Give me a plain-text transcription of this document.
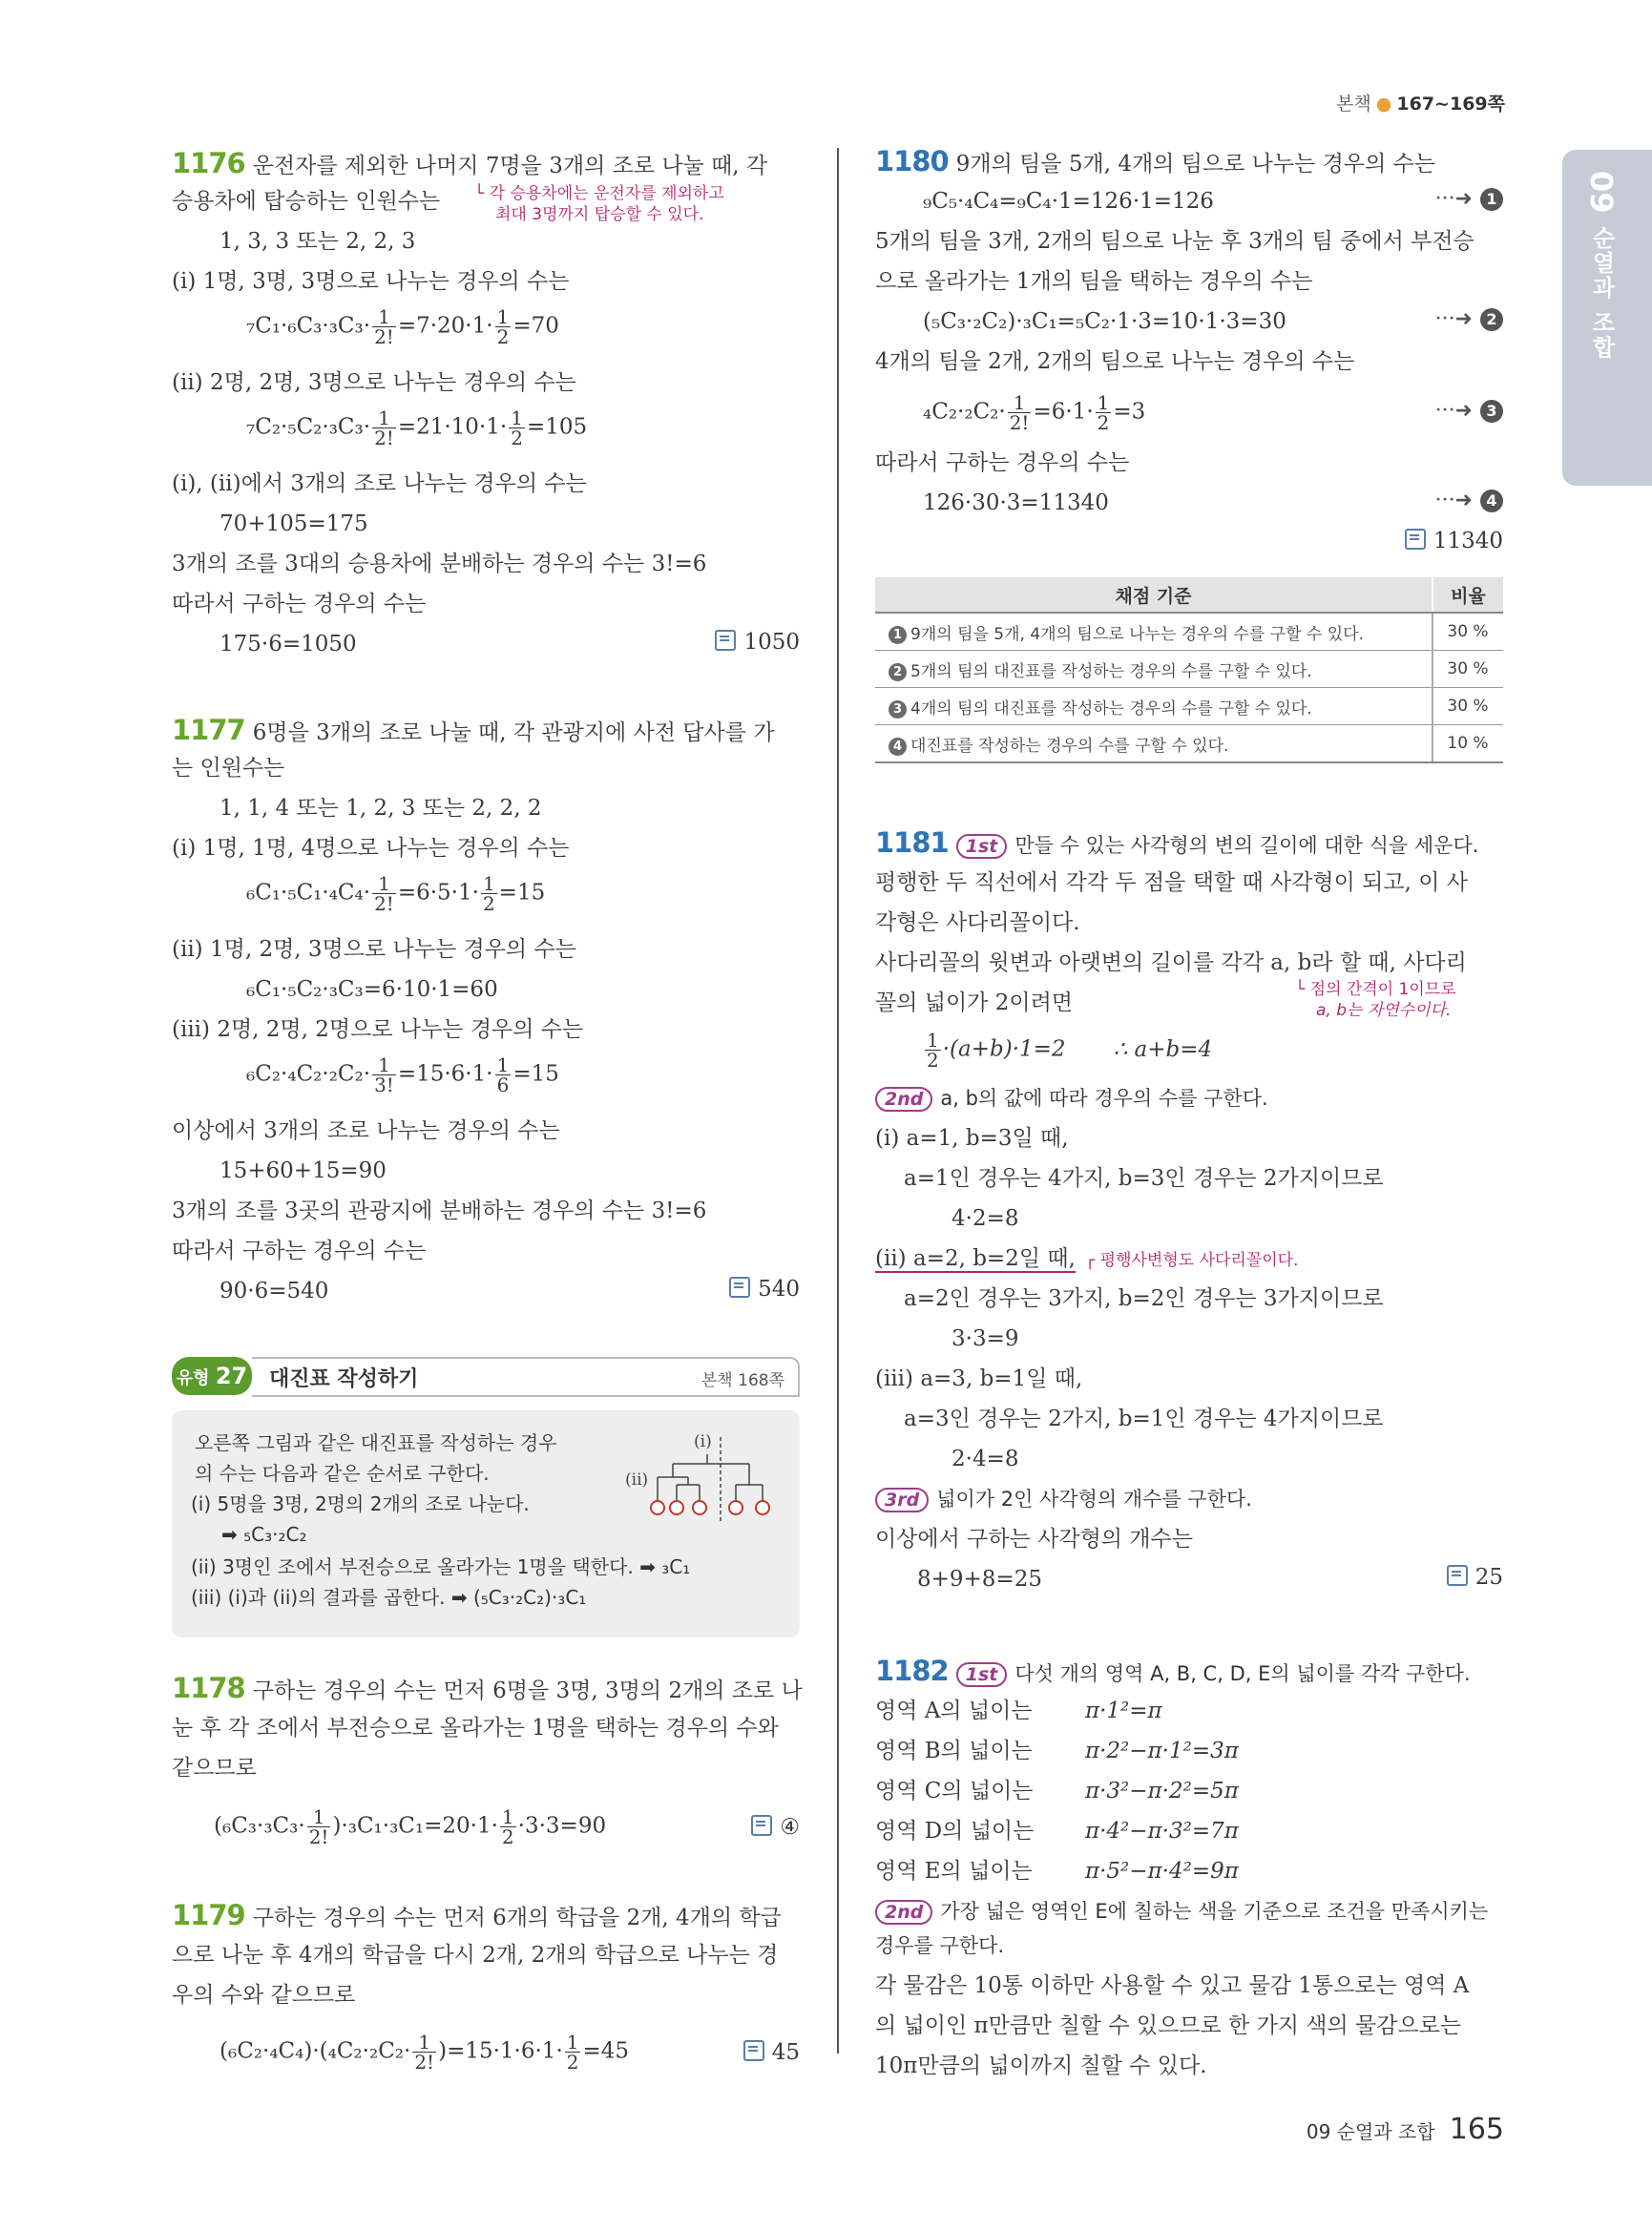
본책 ● 167~169쪽
09
순열과 조합
1176 운전자를 제외한 나머지 7명을 3개의 조로 나눌 때, 각
승용차에 탑승하는 인원수는 └ 각 승용차에는 운전자를 제외하고
최대 3명까지 탑승할 수 있다.
1, 3, 3 또는 2, 2, 3
(i) 1명, 3명, 3명으로 나누는 경우의 수는
$_7C_1\cdot_6C_3\cdot_3C_3\cdot \frac{1}{2!} =7\cdot 20\cdot 1\cdot \frac{1}{2} =70$
(ii) 2명, 2명, 3명으로 나누는 경우의 수는
$_7C_2\cdot_5C_2\cdot_3C_3\cdot \frac{1}{2!} =21\cdot 10\cdot 1\cdot \frac{1}{2} =105$
(i), (ii)에서 3개의 조로 나누는 경우의 수는
70+105=175
3개의 조를 3대의 승용차에 분배하는 경우의 수는 3!=6
따라서 구하는 경우의 수는
175·6=1050	1050
1177 6명을 3개의 조로 나눌 때, 각 관광지에 사전 답사를 가
는 인원수는
1, 1, 4 또는 1, 2, 3 또는 2, 2, 2
(i) 1명, 1명, 4명으로 나누는 경우의 수는
$_6C_1\cdot_5C_1\cdot_4C_4\cdot \frac{1}{2!} =6\cdot 5\cdot 1\cdot \frac{1}{2} =15$
(ii) 1명, 2명, 3명으로 나누는 경우의 수는
₆C₁·₅C₂·₃C₃=6·10·1=60
(iii) 2명, 2명, 2명으로 나누는 경우의 수는
$_6C_2\cdot_4C_2\cdot_2C_2\cdot \frac{1}{3!} =15\cdot 6\cdot 1\cdot \frac{1}{6} =15$
이상에서 3개의 조로 나누는 경우의 수는
15+60+15=90
3개의 조를 3곳의 관광지에 분배하는 경우의 수는 3!=6
따라서 구하는 경우의 수는
90·6=540	540
유형 27 대진표 작성하기	본책 168쪽
오른쪽 그림과 같은 대진표를 작성하는 경우
의 수는 다음과 같은 순서로 구한다.
(i) 5명을 3명, 2명의 2개의 조로 나눈다.
➡ ₅C₃·₂C₂
(ii) 3명인 조에서 부전승으로 올라가는 1명을 택한다. ➡ ₃C₁
(iii) (i)과 (ii)의 결과를 곱한다. ➡ (₅C₃·₂C₂)·₃C₁
(i)
(ii)
1178 구하는 경우의 수는 먼저 6명을 3명, 3명의 2개의 조로 나
눈 후 각 조에서 부전승으로 올라가는 1명을 택하는 경우의 수와
같으므로
$(_6C_3\cdot_3C_3\cdot \frac{1}{2!} )\cdot_3C_1\cdot_3C_1=20\cdot 1\cdot \frac{1}{2} \cdot 3\cdot 3=90$	④
1179 구하는 경우의 수는 먼저 6개의 학급을 2개, 4개의 학급
으로 나눈 후 4개의 학급을 다시 2개, 2개의 학급으로 나누는 경
우의 수와 같으므로
$(_6C_2\cdot_4C_4)\cdot(_4C_2\cdot_2C_2\cdot \frac{1}{2!} )=15\cdot 1\cdot 6\cdot 1\cdot \frac{1}{2} =45$	45
1180 9개의 팀을 5개, 4개의 팀으로 나누는 경우의 수는
₉C₅·₄C₄=₉C₄·1=126·1=126	···➜ 1
5개의 팀을 3개, 2개의 팀으로 나눈 후 3개의 팀 중에서 부전승
으로 올라가는 1개의 팀을 택하는 경우의 수는
(₅C₃·₂C₂)·₃C₁=₅C₂·1·3=10·1·3=30	···➜ 2
4개의 팀을 2개, 2개의 팀으로 나누는 경우의 수는
$_4C_2\cdot_2C_2\cdot \frac{1}{2!} =6\cdot 1\cdot \frac{1}{2} =3$	···➜ 3
따라서 구하는 경우의 수는
126·30·3=11340	···➜ 4
11340
채점 기준	비율
1 9개의 팀을 5개, 4개의 팀으로 나누는 경우의 수를 구할 수 있다.	30 %
2 5개의 팀의 대진표를 작성하는 경우의 수를 구할 수 있다.	30 %
3 4개의 팀의 대진표를 작성하는 경우의 수를 구할 수 있다.	30 %
4 대진표를 작성하는 경우의 수를 구할 수 있다.	10 %
1181 1st 만들 수 있는 사각형의 변의 길이에 대한 식을 세운다.
평행한 두 직선에서 각각 두 점을 택할 때 사각형이 되고, 이 사
각형은 사다리꼴이다.
사다리꼴의 윗변과 아랫변의 길이를 각각 a, b라 할 때, 사다리
꼴의 넓이가 2이려면
└ 점의 간격이 1이므로
a, b는 자연수이다.
$\frac{1}{2} \cdot(a+b)\cdot 1=2$ ∴ a+b=4
2nd a, b의 값에 따라 경우의 수를 구한다.
(i) a=1, b=3일 때,
a=1인 경우는 4가지, b=3인 경우는 2가지이므로
4·2=8
(ii) a=2, b=2일 때, ┌ 평행사변형도 사다리꼴이다.
a=2인 경우는 3가지, b=2인 경우는 3가지이므로
3·3=9
(iii) a=3, b=1일 때,
a=3인 경우는 2가지, b=1인 경우는 4가지이므로
2·4=8
3rd 넓이가 2인 사각형의 개수를 구한다.
이상에서 구하는 사각형의 개수는
8+9+8=25	25
1182 1st 다섯 개의 영역 A, B, C, D, E의 넓이를 각각 구한다.
영역 A의 넓이는 π·1²=π
영역 B의 넓이는 π·2²−π·1²=3π
영역 C의 넓이는 π·3²−π·2²=5π
영역 D의 넓이는 π·4²−π·3²=7π
영역 E의 넓이는 π·5²−π·4²=9π
2nd 가장 넓은 영역인 E에 칠하는 색을 기준으로 조건을 만족시키는
경우를 구한다.
각 물감은 10통 이하만 사용할 수 있고 물감 1통으로는 영역 A
의 넓이인 π만큼만 칠할 수 있으므로 한 가지 색의 물감으로는
10π만큼의 넓이까지 칠할 수 있다.
09 순열과 조합 165
